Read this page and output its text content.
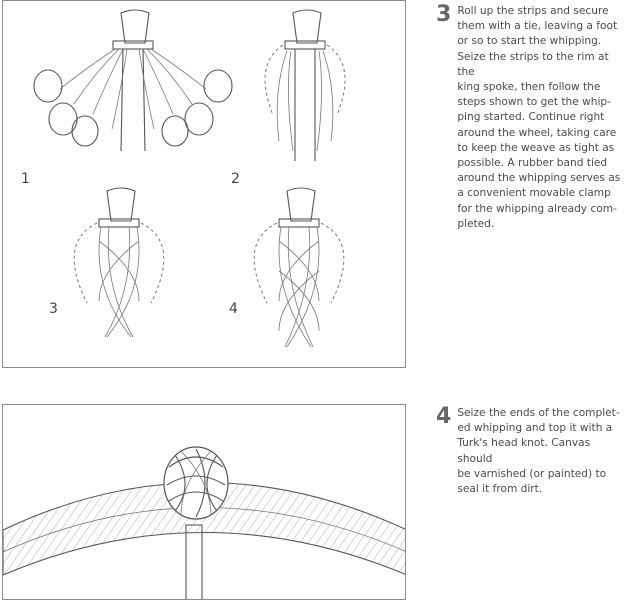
1	2
3	4
3 Roll up the strips and secure
them with a tie, leaving a foot
or so to start the whipping.
Seize the strips to the rim at the
king spoke, then follow the
steps shown to get the whip-
ping started. Continue right
around the wheel, taking care
to keep the weave as tight as
possible. A rubber band tied
around the whipping serves as
a convenient movable clamp
for the whipping already com-
pleted.
4 Seize the ends of the complet-
ed whipping and top it with a
Turk's head knot. Canvas should
be varnished (or painted) to
seal it from dirt.
